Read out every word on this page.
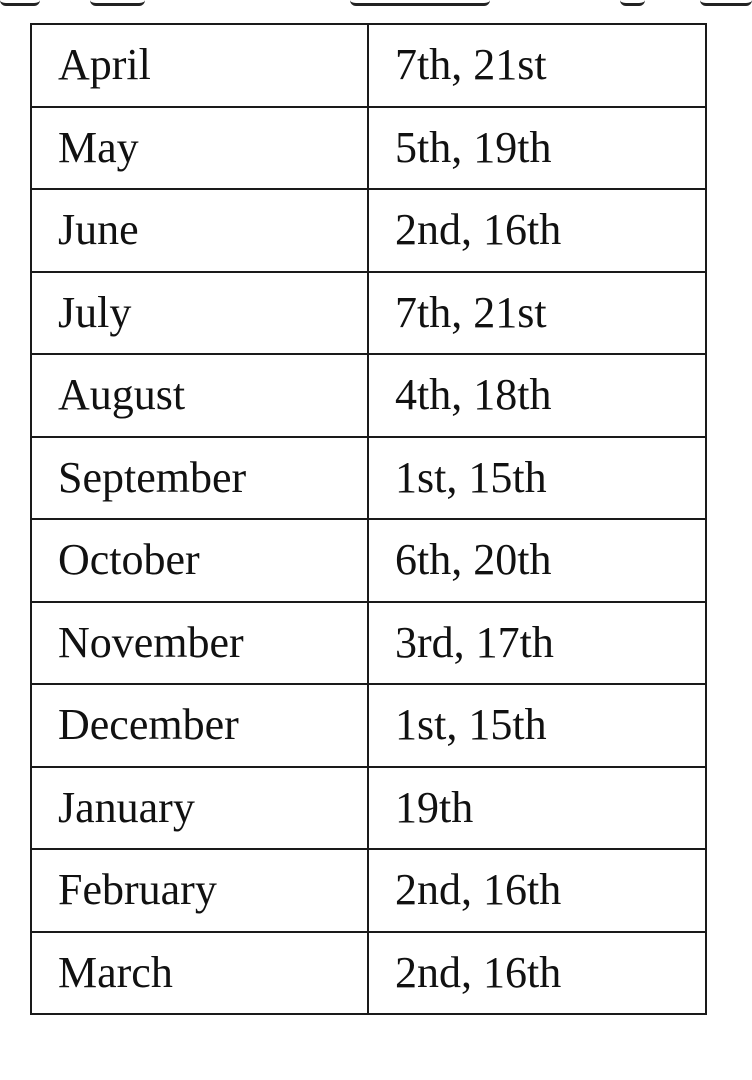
April	7th, 21st
May	5th, 19th
June	2nd, 16th
July	7th, 21st
August	4th, 18th
September	1st, 15th
October	6th, 20th
November	3rd, 17th
December	1st, 15th
January	19th
February	2nd, 16th
March	2nd, 16th
